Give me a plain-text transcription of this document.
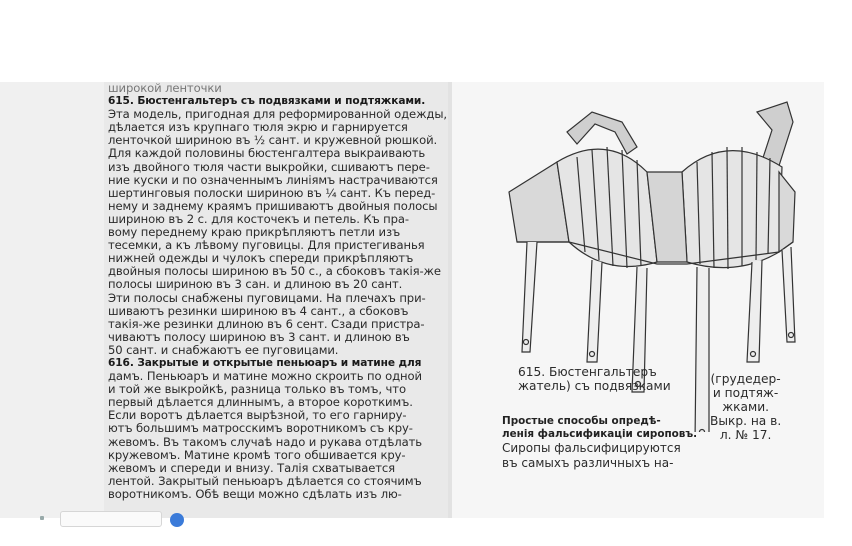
широкой ленточки
615. Бюстенгальтеръ съ подвязками и подтяжками.
Эта модель, пригодная для реформированной одежды,
дѣлается изъ крупнаго тюля экрю и гарнируется
ленточкой шириною въ ½ сант. и кружевной рюшкой.
Для каждой половины бюстенгалтера выкраивають
изъ двойного тюля части выкройки, сшиваютъ пере-
ние куски и по означеннымъ линіямъ настрачиваются
шертинговыя полоски шириною въ ¼ сант. Къ перед-
нему и заднему краямъ пришиваютъ двойныя полосы
шириною въ 2 с. для косточекъ и петель. Къ пра-
вому переднему краю прикрѣпляютъ петли изъ
тесемки, а къ лѣвому пуговицы. Для пристегиванья
нижней одежды и чулокъ спереди прикрѣпляютъ
двойныя полосы шириною въ 50 с., а сбоковъ такія-же
полосы шириною въ 3 сан. и длиною въ 20 сант.
Эти полосы снабжены пуговицами. На плечахъ при-
шиваютъ резинки шириною въ 4 сант., а сбоковъ
такія-же резинки длиною въ 6 сент. Сзади пристра-
чиваютъ полосу шириною въ 3 сант. и длиною въ
50 сант. и снабжаютъ ее пуговицами.
616. Закрытые и открытые пеньюаръ и матине для
дамъ. Пеньюаръ и матине можно скроить по одной
и той же выкройкѣ, разница только въ томъ, что
первый дѣлается длиннымъ, а второе короткимъ.
Если воротъ дѣлается вырѣзной, то его гарниру-
ютъ большимъ матросскимъ воротникомъ съ кру-
жевомъ. Въ такомъ случаѣ надо и рукава отдѣлать
кружевомъ. Матине кромѣ того обшивается кру-
жевомъ и спереди и внизу. Талія схватывается
лентой. Закрытый пеньюаръ дѣлается со стоячимъ
воротникомъ. Обѣ вещи можно сдѣлать изъ лю-
615. Бюстенгальтеръ
жатель) съ подвязками	(грудедер-
и подтяж-
жками.
Выкр. на в.
л. № 17.
Простые способы опредѣ-
ленія фальсификаціи сироповъ.
Сиропы фальсифицируются
въ самыхъ различныхъ на-
